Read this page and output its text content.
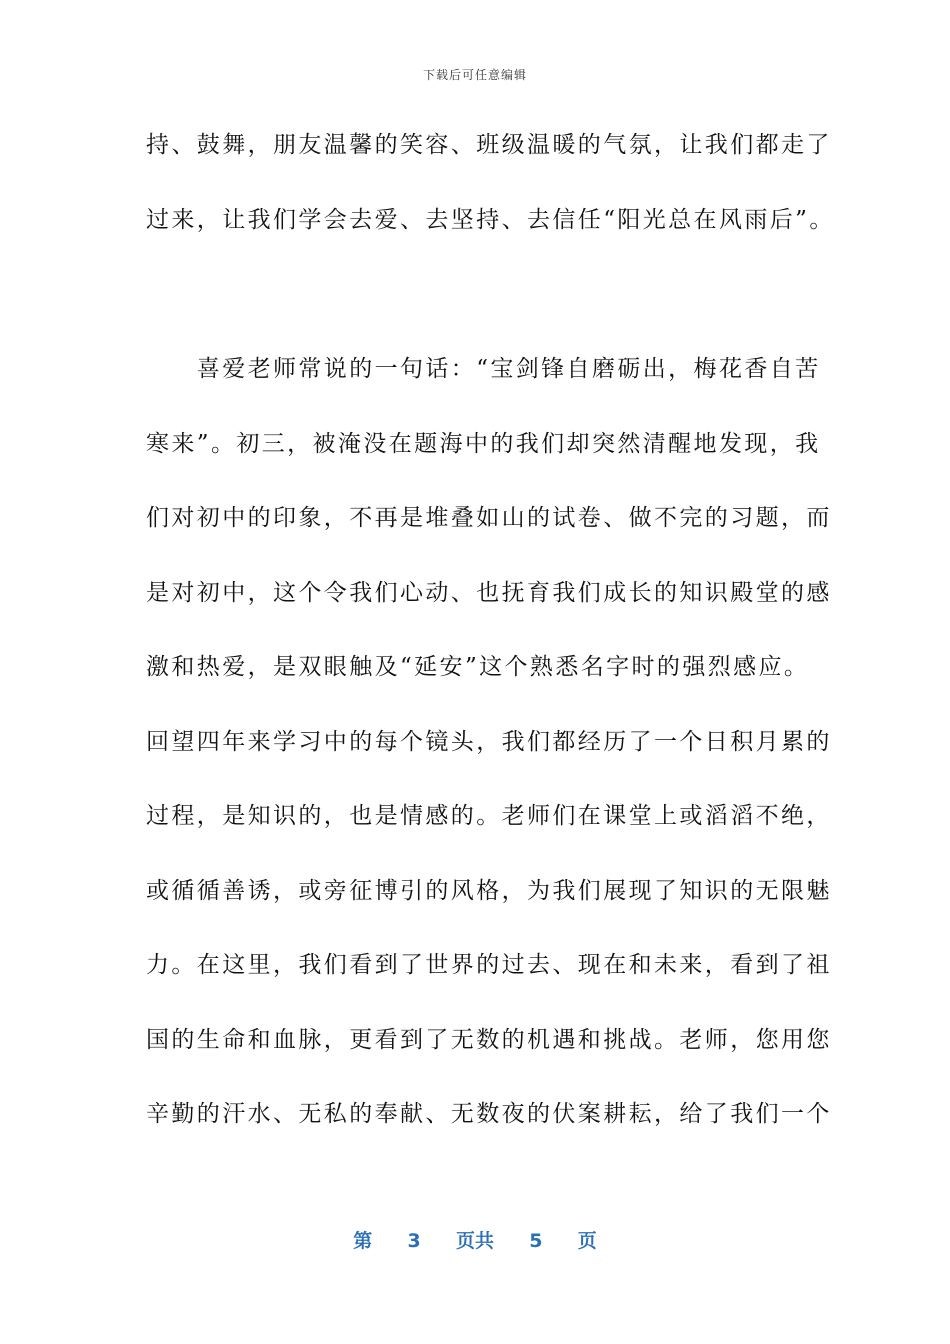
下载后可任意编辑
持、鼓舞，朋友温馨的笑容、班级温暖的气氛，让我们都走了
过来，让我们学会去爱、去坚持、去信任“阳光总在风雨后”。
　　喜爱老师常说的一句话：“宝剑锋自磨砺出，梅花香自苦
寒来”。初三，被淹没在题海中的我们却突然清醒地发现，我
们对初中的印象，不再是堆叠如山的试卷、做不完的习题，而
是对初中，这个令我们心动、也抚育我们成长的知识殿堂的感
激和热爱，是双眼触及“延安”这个熟悉名字时的强烈感应。
回望四年来学习中的每个镜头，我们都经历了一个日积月累的
过程，是知识的，也是情感的。老师们在课堂上或滔滔不绝，
或循循善诱，或旁征博引的风格，为我们展现了知识的无限魅
力。在这里，我们看到了世界的过去、现在和未来，看到了祖
国的生命和血脉，更看到了无数的机遇和挑战。老师，您用您
辛勤的汗水、无私的奉献、无数夜的伏案耕耘，给了我们一个
第 3 页共 5 页
